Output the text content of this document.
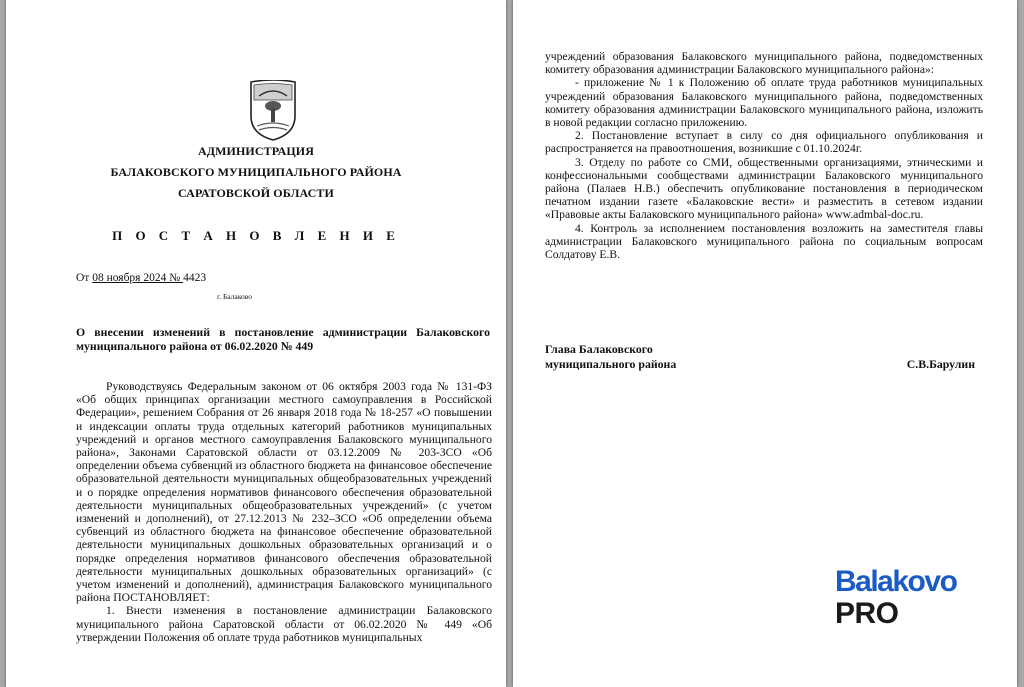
АДМИНИСТРАЦИЯ
БАЛАКОВСКОГО МУНИЦИПАЛЬНОГО РАЙОНА
САРАТОВСКОЙ ОБЛАСТИ
П О С Т А Н О В Л Е Н И Е
От 08 ноября 2024 № 4423
г. Балаково
О внесении изменений в постановление администрации Балаковского муниципального района от 06.02.2020 № 449

Руководствуясь Федеральным законом от 06 октября 2003 года № 131-ФЗ «Об общих принципах организации местного самоуправления в Российской Федерации», решением Собрания от 26 января 2018 года № 18-257 «О повышении и индексации оплаты труда отдельных категорий работников муниципальных учреждений и органов местного самоуправления Балаковского муниципального района», Законами Саратовской области от 03.12.2009 № 203-ЗСО «Об определении объема субвенций из областного бюджета на финансовое обеспечение образовательной деятельности муниципальных общеобразовательных учреждений и о порядке определения нормативов финансового обеспечения образовательной деятельности муниципальных общеобразовательных учреждений» (с учетом изменений и дополнений), от 27.12.2013 № 232–ЗСО «Об определении объема субвенций из областного бюджета на финансовое обеспечение образовательной деятельности муниципальных дошкольных образовательных организаций и о порядке определения нормативов финансового обеспечения образовательной деятельности муниципальных дошкольных образовательных организаций» (с учетом изменений и дополнений), администрация Балаковского муниципального района ПОСТАНОВЛЯЕТ:

1. Внести изменения в постановление администрации Балаковского муниципального района Саратовской области от 06.02.2020 № 449 «Об утверждении Положения об оплате труда работников муниципальных

учреждений образования Балаковского муниципального района, подведомственных комитету образования администрации Балаковского муниципального района»:

- приложение № 1 к Положению об оплате труда работников муниципальных учреждений образования Балаковского муниципального района, подведомственных комитету образования администрации Балаковского муниципального района, изложить в новой редакции согласно приложению.

2. Постановление вступает в силу со дня официального опубликования и распространяется на правоотношения, возникшие с 01.10.2024г.

3. Отделу по работе со СМИ, общественными организациями, этническими и конфессиональными сообществами администрации Балаковского муниципального района (Палаев Н.В.) обеспечить опубликование постановления в периодическом печатном издании газете «Балаковские вести» и разместить в сетевом издании «Правовые акты Балаковского муниципального района» www.admbal-doc.ru.

4. Контроль за исполнением постановления возложить на заместителя главы администрации Балаковского муниципального района по социальным вопросам Солдатову Е.В.

Глава Балаковского
муниципального района	С.В.Барулин
Balakovo
PRO
